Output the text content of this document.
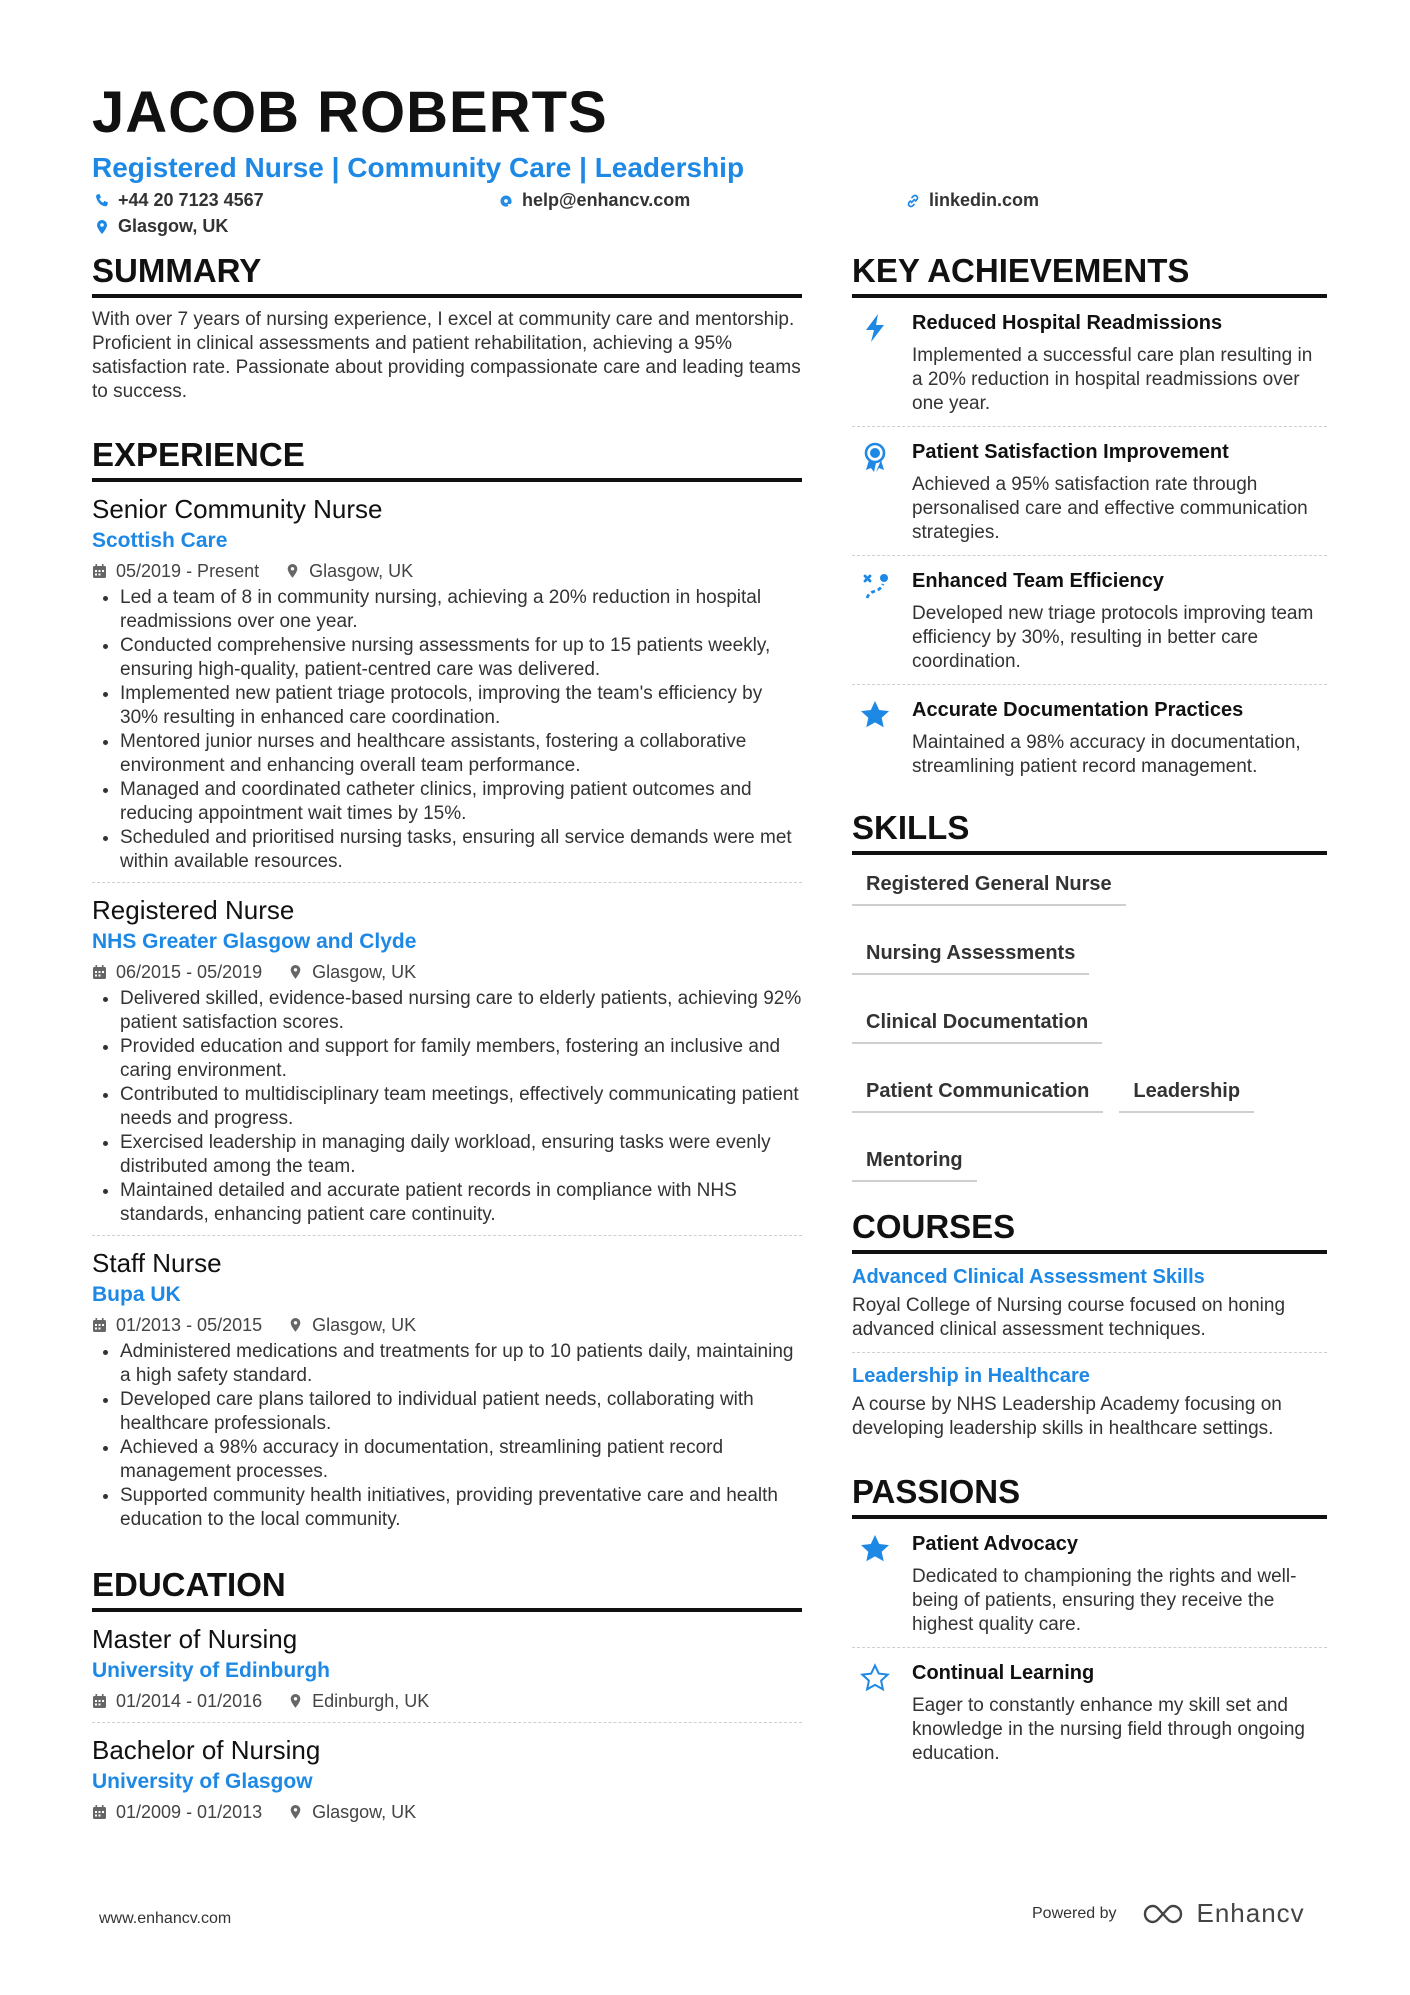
JACOB ROBERTS
Registered Nurse | Community Care | Leadership
+44 20 7123 4567	help@enhancv.com	linkedin.com
Glasgow, UK
SUMMARY

With over 7 years of nursing experience, I excel at community care and mentorship. Proficient in clinical assessments and patient rehabilitation, achieving a 95% satisfaction rate. Passionate about providing compassionate care and leading teams to success.

EXPERIENCE
Senior Community Nurse
Scottish Care
05/2019 - Present	Glasgow, UK
• Led a team of 8 in community nursing, achieving a 20% reduction in hospital readmissions over one year.
• Conducted comprehensive nursing assessments for up to 15 patients weekly, ensuring high-quality, patient-centred care was delivered.
• Implemented new patient triage protocols, improving the team's efficiency by 30% resulting in enhanced care coordination.
• Mentored junior nurses and healthcare assistants, fostering a collaborative environment and enhancing overall team performance.
• Managed and coordinated catheter clinics, improving patient outcomes and reducing appointment wait times by 15%.
• Scheduled and prioritised nursing tasks, ensuring all service demands were met within available resources.
Registered Nurse
NHS Greater Glasgow and Clyde
06/2015 - 05/2019	Glasgow, UK
• Delivered skilled, evidence-based nursing care to elderly patients, achieving 92% patient satisfaction scores.
• Provided education and support for family members, fostering an inclusive and caring environment.
• Contributed to multidisciplinary team meetings, effectively communicating patient needs and progress.
• Exercised leadership in managing daily workload, ensuring tasks were evenly distributed among the team.
• Maintained detailed and accurate patient records in compliance with NHS standards, enhancing patient care continuity.
Staff Nurse
Bupa UK
01/2013 - 05/2015	Glasgow, UK
• Administered medications and treatments for up to 10 patients daily, maintaining a high safety standard.
• Developed care plans tailored to individual patient needs, collaborating with healthcare professionals.
• Achieved a 98% accuracy in documentation, streamlining patient record management processes.
• Supported community health initiatives, providing preventative care and health education to the local community.
EDUCATION
Master of Nursing
University of Edinburgh
01/2014 - 01/2016	Edinburgh, UK
Bachelor of Nursing
University of Glasgow
01/2009 - 01/2013	Glasgow, UK
KEY ACHIEVEMENTS
Reduced Hospital Readmissions
Implemented a successful care plan resulting in a 20% reduction in hospital readmissions over one year.
Patient Satisfaction Improvement
Achieved a 95% satisfaction rate through personalised care and effective communication strategies.
Enhanced Team Efficiency
Developed new triage protocols improving team efficiency by 30%, resulting in better care coordination.
Accurate Documentation Practices
Maintained a 98% accuracy in documentation, streamlining patient record management.
SKILLS
Registered General Nurse
Nursing Assessments
Clinical Documentation
Patient Communication	Leadership
Mentoring
COURSES
Advanced Clinical Assessment Skills
Royal College of Nursing course focused on honing advanced clinical assessment techniques.
Leadership in Healthcare
A course by NHS Leadership Academy focusing on developing leadership skills in healthcare settings.
PASSIONS
Patient Advocacy
Dedicated to championing the rights and well-being of patients, ensuring they receive the highest quality care.
Continual Learning
Eager to constantly enhance my skill set and knowledge in the nursing field through ongoing education.
www.enhancv.com	Powered by	Enhancv
